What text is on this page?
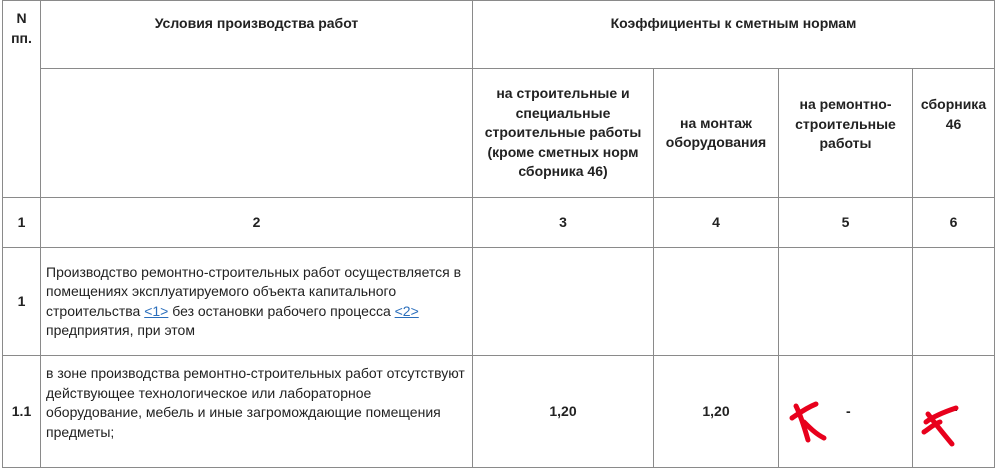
N пп.	Условия производства работ	Коэффициенты к сметным нормам			
		на строительные и специальные строительные работы (кроме сметных норм сборника 46)	на монтаж оборудования	на ремонтно-строительные работы	сборника 46
1	2	3	4	5	6
1	Производство ремонтно-строительных работ осуществляется в помещениях эксплуатируемого объекта капитального строительства <1> без остановки рабочего процесса <2> предприятия, при этом				
1.1	в зоне производства ремонтно-строительных работ отсутствуют действующее технологическое или лабораторное оборудование, мебель и иные загромождающие помещения предметы;	1,20	1,20	-	-
